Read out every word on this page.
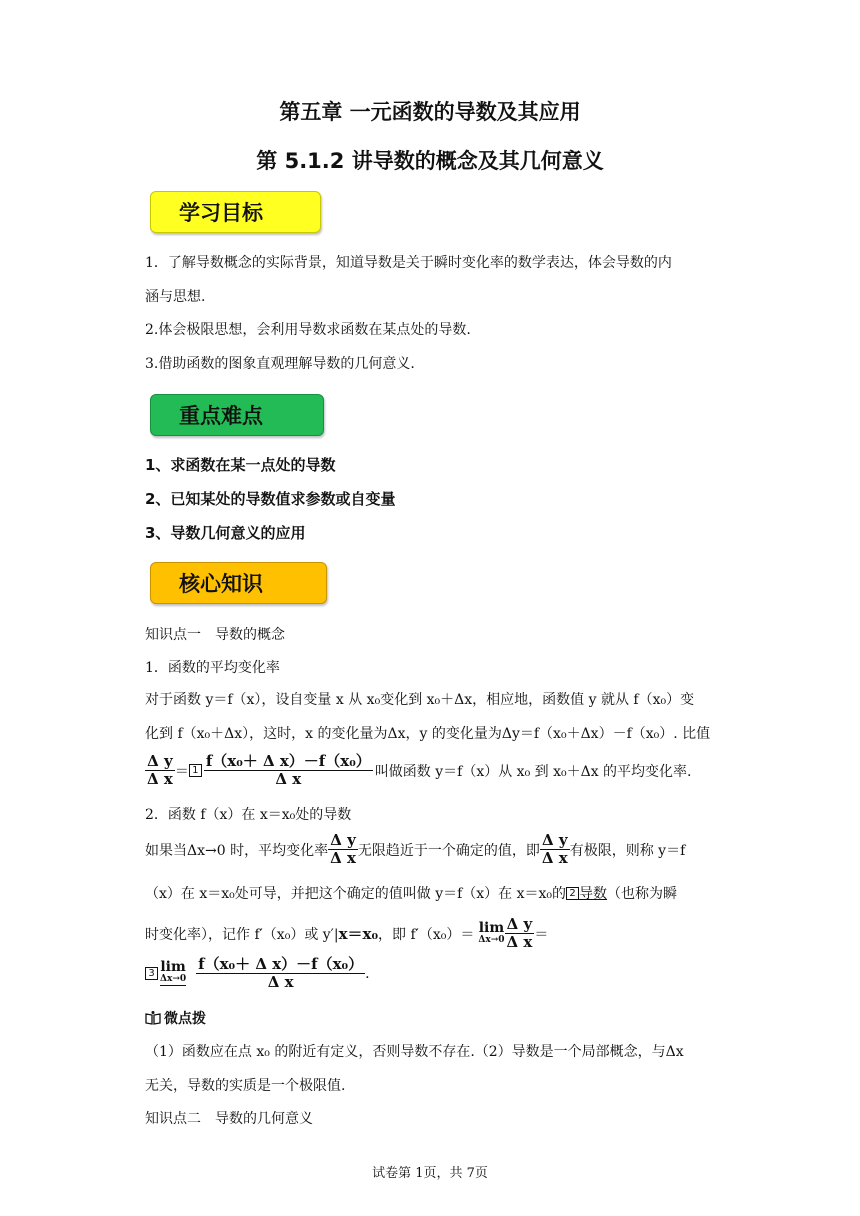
第五章 一元函数的导数及其应用
第 5.1.2 讲导数的概念及其几何意义
学习目标
1．了解导数概念的实际背景，知道导数是关于瞬时变化率的数学表达，体会导数的内
涵与思想.
2.体会极限思想，会利用导数求函数在某点处的导数.
3.借助函数的图象直观理解导数的几何意义.
重点难点
1、求函数在某一点处的导数
2、已知某处的导数值求参数或自变量
3、导数几何意义的应用
核心知识
知识点一　导数的概念
1．函数的平均变化率
对于函数 y＝f（x），设自变量 x 从 x₀变化到 x₀＋Δx，相应地，函数值 y 就从 f（x₀）变
化到 f（x₀＋Δx），这时，x 的变化量为Δx，y 的变化量为Δy＝f（x₀＋Δx）－f（x₀）. 比值
$\frac{\text{Δ y}}{\text{Δ x}} = 1 \frac{\text{f（x₀＋ Δ x）－f（x₀）}}{\text{Δ x}}$ 叫做函数 y＝f（x）从 x₀ 到 x₀＋Δx 的平均变化率.
2．函数 f（x）在 x＝x₀处的导数
如果当Δx→0 时，平均变化率 $\frac{\text{Δ y}}{\text{Δ x}}$ 无限趋近于一个确定的值，即 $\frac{\text{Δ y}}{\text{Δ x}}$ 有极限，则称 y＝f
（x）在 x＝x₀处可导，并把这个确定的值叫做 y＝f（x）在 x＝x₀的 2 导数 （也称为瞬
时变化率），记作 f′（x₀）或 y′| x＝x₀ ，即 f′（x₀）＝ lim
$\Delta x\to 0 \frac{\text{Δ y}}{\text{Δ x}}$ ＝
3 lim
$\Delta x\to 0 \frac{\text{f（x₀＋ Δ x）－f（x₀）}}{\text{Δ x}}$ .
微点拨
（1）函数应在点 x₀ 的附近有定义，否则导数不存在.（2）导数是一个局部概念，与Δx
无关，导数的实质是一个极限值.
知识点二　导数的几何意义
试卷第 1页，共 7页
